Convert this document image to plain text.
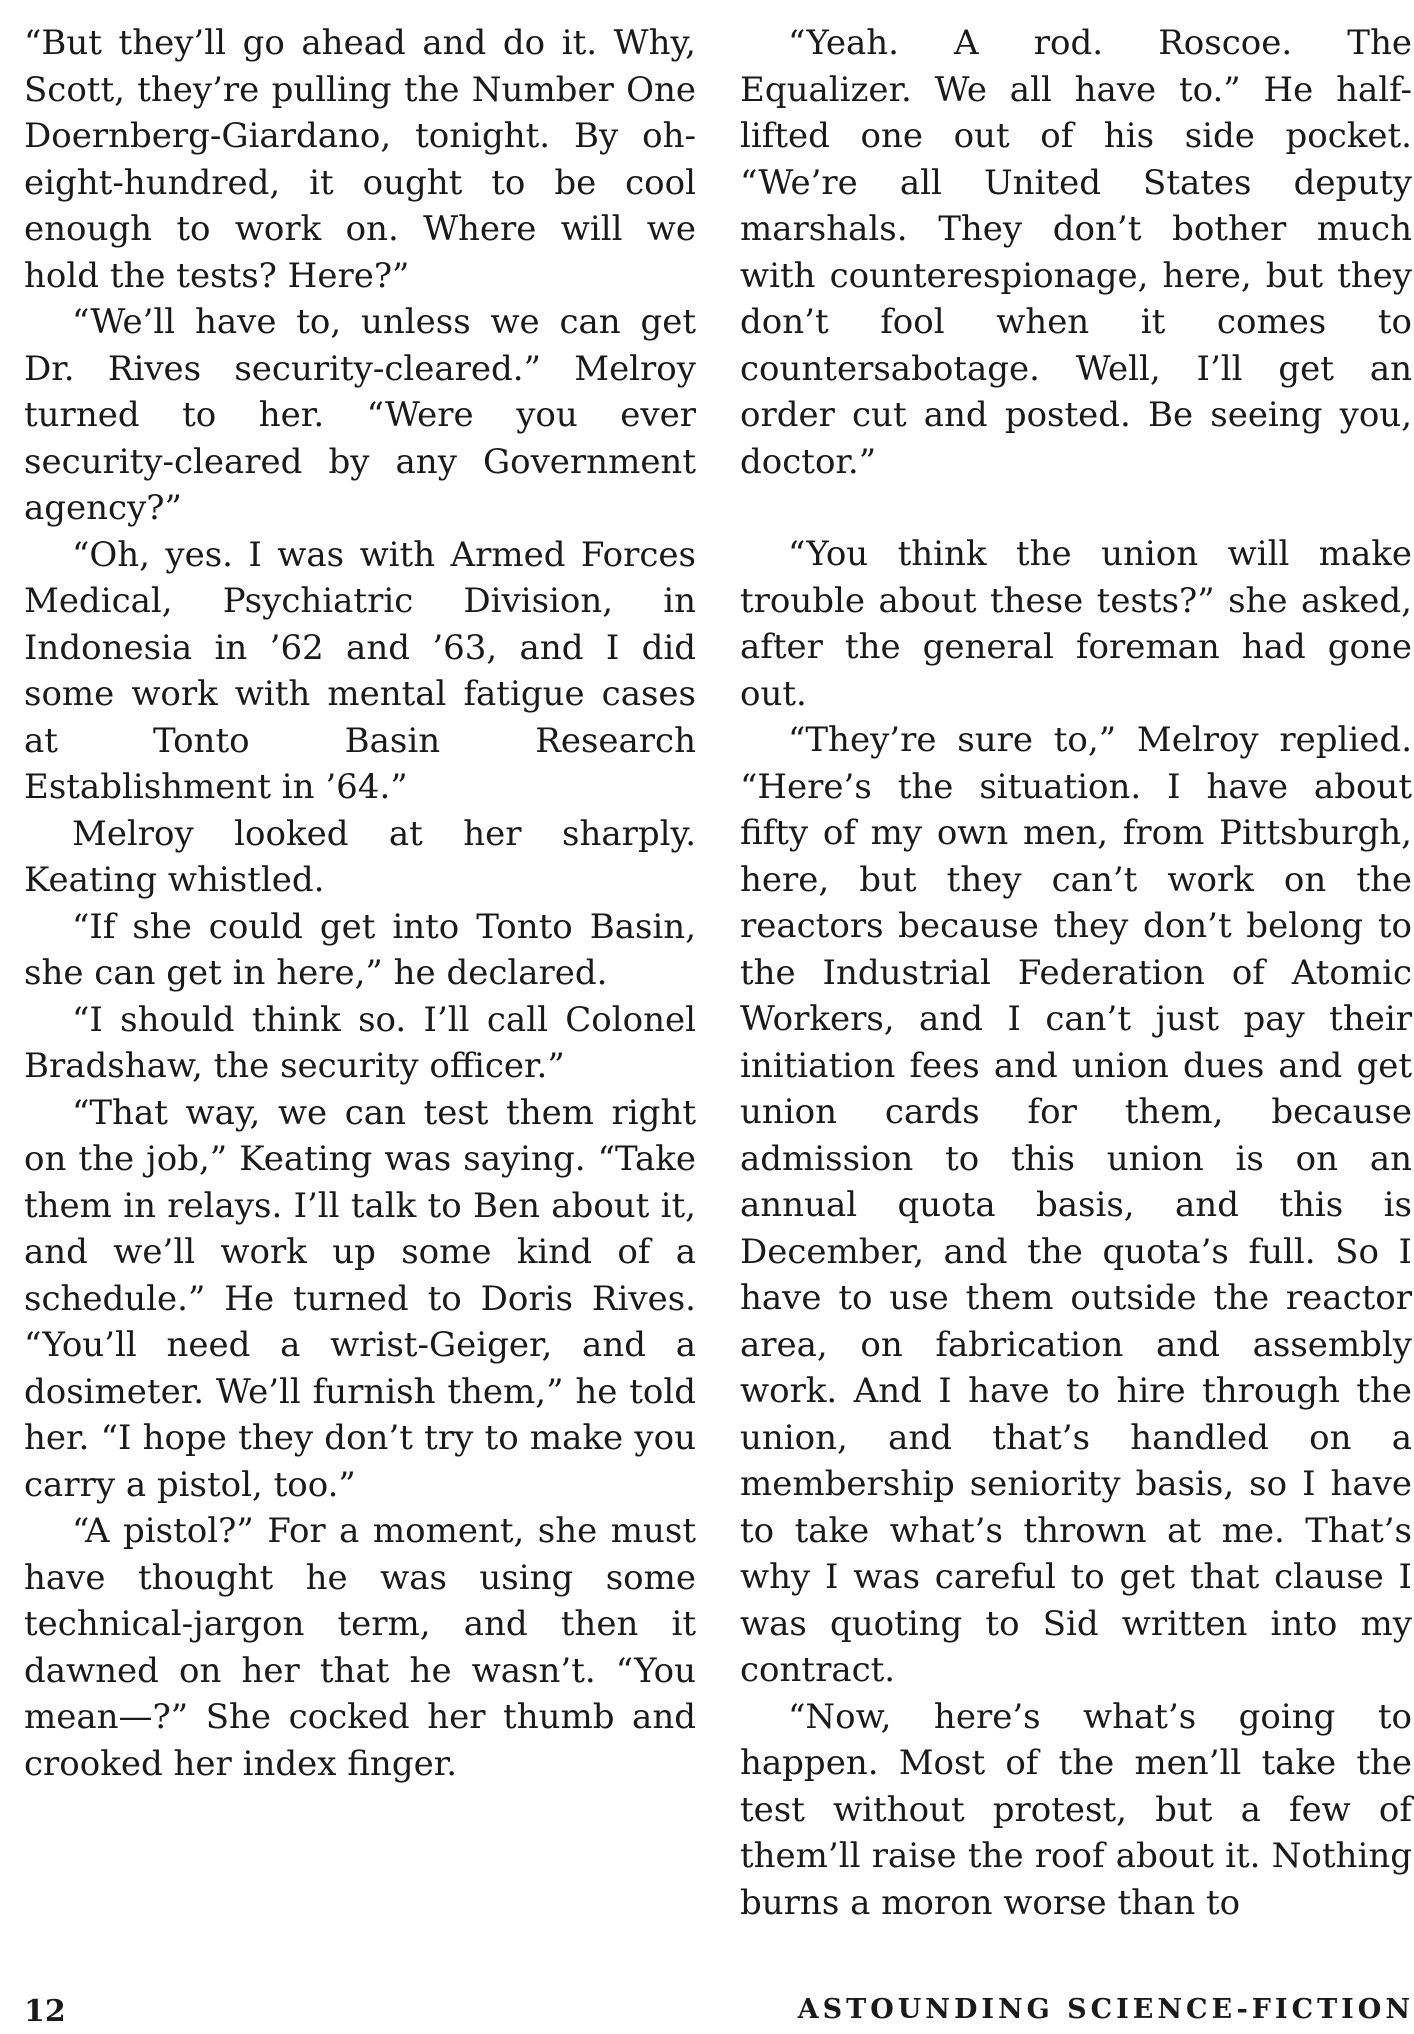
“But they’ll go ahead and do it. Why, Scott, they’re pulling the Number One Doernberg-Giardano, tonight. By oh-eight-hundred, it ought to be cool enough to work on. Where will we hold the tests? Here?”

“We’ll have to, unless we can get Dr. Rives security-cleared.” Melroy turned to her. “Were you ever security-cleared by any Government agency?”

“Oh, yes. I was with Armed Forces Medical, Psychiatric Division, in Indonesia in ’62 and ’63, and I did some work with mental fatigue cases at Tonto Basin Research Establishment in ’64.”

Melroy looked at her sharply. Keating whistled.

“If she could get into Tonto Basin, she can get in here,” he declared.

“I should think so. I’ll call Colonel Bradshaw, the security officer.”

“That way, we can test them right on the job,” Keating was saying. “Take them in relays. I’ll talk to Ben about it, and we’ll work up some kind of a schedule.” He turned to Doris Rives. “You’ll need a wrist-Geiger, and a dosimeter. We’ll furnish them,” he told her. “I hope they don’t try to make you carry a pistol, too.”

“A pistol?” For a moment, she must have thought he was using some technical-jargon term, and then it dawned on her that he wasn’t. “You mean—?” She cocked her thumb and crooked her index finger.

“Yeah. A rod. Roscoe. The Equalizer. We all have to.” He half-lifted one out of his side pocket. “We’re all United States deputy marshals. They don’t bother much with counterespionage, here, but they don’t fool when it comes to countersabotage. Well, I’ll get an order cut and posted. Be seeing you, doctor.”

“You think the union will make trouble about these tests?” she asked, after the general foreman had gone out.

“They’re sure to,” Melroy replied. “Here’s the situation. I have about fifty of my own men, from Pittsburgh, here, but they can’t work on the reactors because they don’t belong to the Industrial Federation of Atomic Workers, and I can’t just pay their initiation fees and union dues and get union cards for them, because admission to this union is on an annual quota basis, and this is December, and the quota’s full. So I have to use them outside the reactor area, on fabrication and assembly work. And I have to hire through the union, and that’s handled on a membership seniority basis, so I have to take what’s thrown at me. That’s why I was careful to get that clause I was quoting to Sid written into my contract.

“Now, here’s what’s going to happen. Most of the men’ll take the test without protest, but a few of them’ll raise the roof about it. Nothing burns a moron worse than to

12	ASTOUNDING SCIENCE-FICTION
